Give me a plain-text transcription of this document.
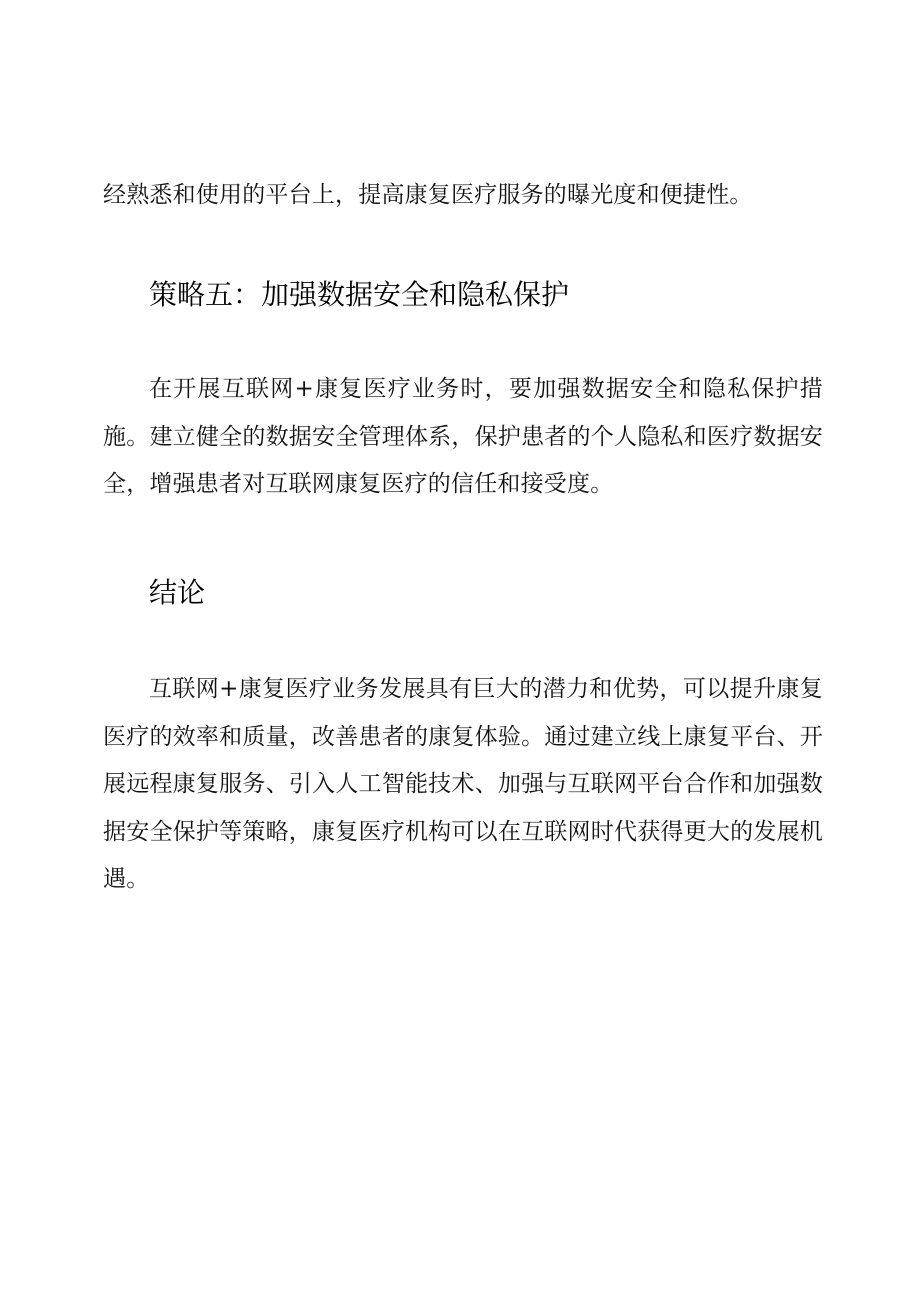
经熟悉和使用的平台上，提高康复医疗服务的曝光度和便捷性。

策略五：加强数据安全和隐私保护

在开展互联网+康复医疗业务时，要加强数据安全和隐私保护措施。建立健全的数据安全管理体系，保护患者的个人隐私和医疗数据安全，增强患者对互联网康复医疗的信任和接受度。

结论

互联网+康复医疗业务发展具有巨大的潜力和优势，可以提升康复医疗的效率和质量，改善患者的康复体验。通过建立线上康复平台、开展远程康复服务、引入人工智能技术、加强与互联网平台合作和加强数据安全保护等策略，康复医疗机构可以在互联网时代获得更大的发展机遇。
